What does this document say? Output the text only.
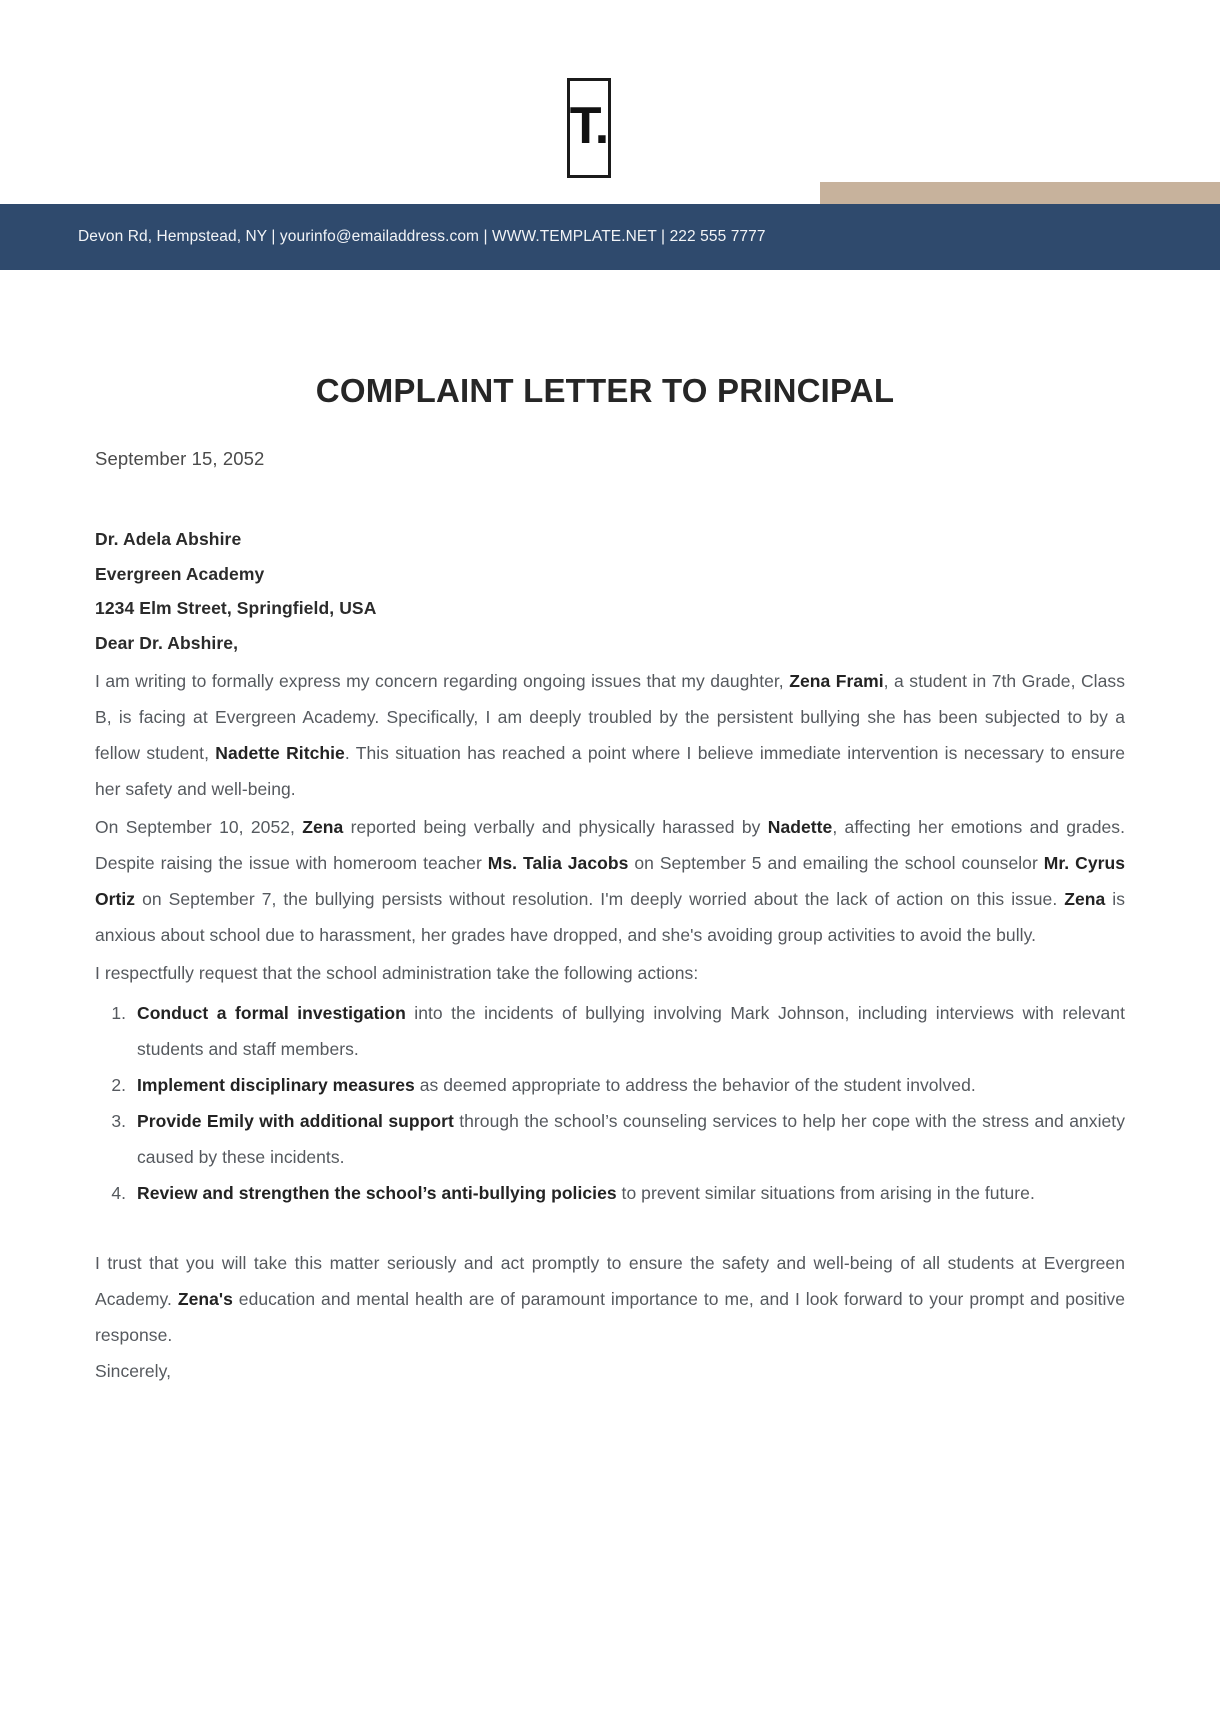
T.
Devon Rd, Hempstead, NY | yourinfo@emailaddress.com | WWW.TEMPLATE.NET | 222 555 7777
COMPLAINT LETTER TO PRINCIPAL
September 15, 2052
Dr. Adela Abshire
Evergreen Academy
1234 Elm Street, Springfield, USA
Dear Dr. Abshire,

I am writing to formally express my concern regarding ongoing issues that my daughter, Zena Frami, a student in 7th Grade, Class B, is facing at Evergreen Academy. Specifically, I am deeply troubled by the persistent bullying she has been subjected to by a fellow student, Nadette Ritchie. This situation has reached a point where I believe immediate intervention is necessary to ensure her safety and well-being.

On September 10, 2052, Zena reported being verbally and physically harassed by Nadette, affecting her emotions and grades. Despite raising the issue with homeroom teacher Ms. Talia Jacobs on September 5 and emailing the school counselor Mr. Cyrus Ortiz on September 7, the bullying persists without resolution. I'm deeply worried about the lack of action on this issue. Zena is anxious about school due to harassment, her grades have dropped, and she's avoiding group activities to avoid the bully.

I respectfully request that the school administration take the following actions:

1. Conduct a formal investigation into the incidents of bullying involving Mark Johnson, including interviews with relevant students and staff members.
2. Implement disciplinary measures as deemed appropriate to address the behavior of the student involved.
3. Provide Emily with additional support through the school’s counseling services to help her cope with the stress and anxiety caused by these incidents.
4. Review and strengthen the school’s anti-bullying policies to prevent similar situations from arising in the future.

I trust that you will take this matter seriously and act promptly to ensure the safety and well-being of all students at Evergreen Academy. Zena's education and mental health are of paramount importance to me, and I look forward to your prompt and positive response.

Sincerely,
